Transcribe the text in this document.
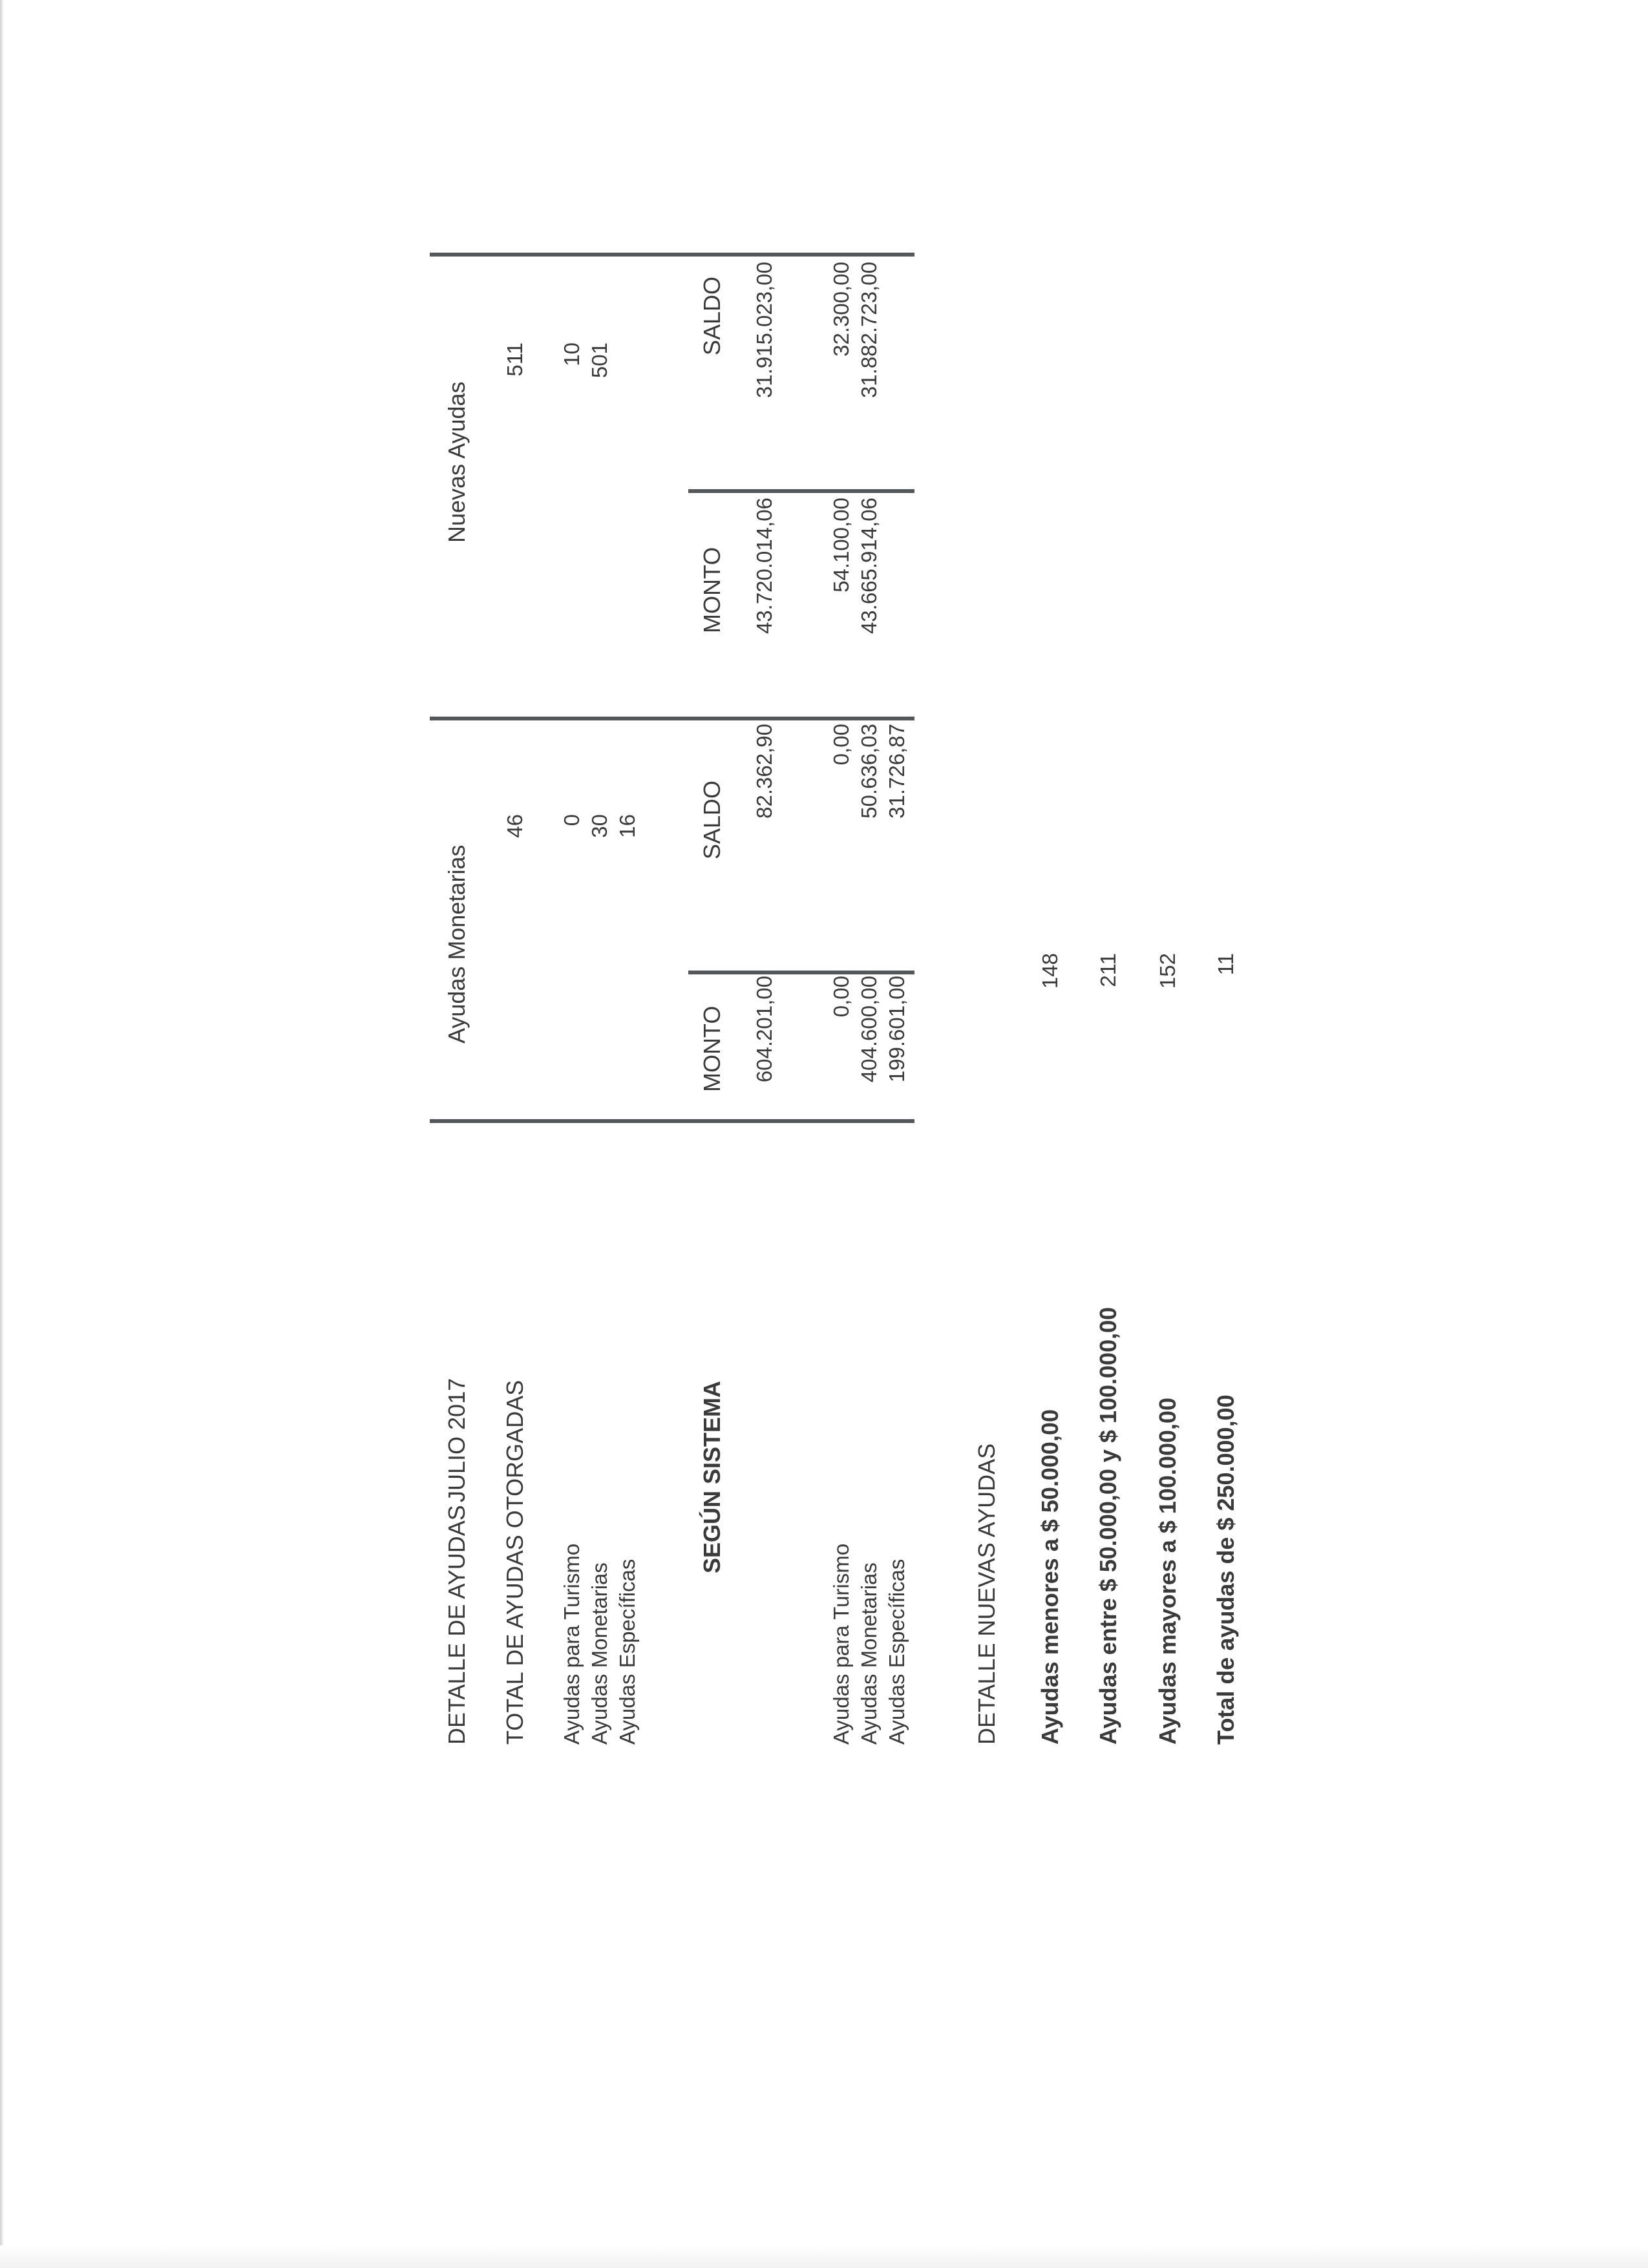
DETALLE DE AYUDAS
JULIO 2017
Ayudas Monetarias
Nuevas Ayudas
TOTAL DE AYUDAS OTORGADAS
46
511
Ayudas para Turismo
0
10
Ayudas Monetarias
30
501
Ayudas Específicas
16
SEGÚN SISTEMA
MONTO
SALDO
MONTO
SALDO
604.201,00
82.362,90
43.720.014,06
31.915.023,00
Ayudas para Turismo
0,00
0,00
54.100,00
32.300,00
Ayudas Monetarias
404.600,00
50.636,03
43.665.914,06
31.882.723,00
Ayudas Específicas
199.601,00
31.726,87
DETALLE NUEVAS AYUDAS Ayudas menores a $ 50.000,00
148
Ayudas entre $ 50.000,00 y $ 100.000,00
211
Ayudas mayores a $ 100.000,00
152
Total de ayudas de $ 250.000,00
11
